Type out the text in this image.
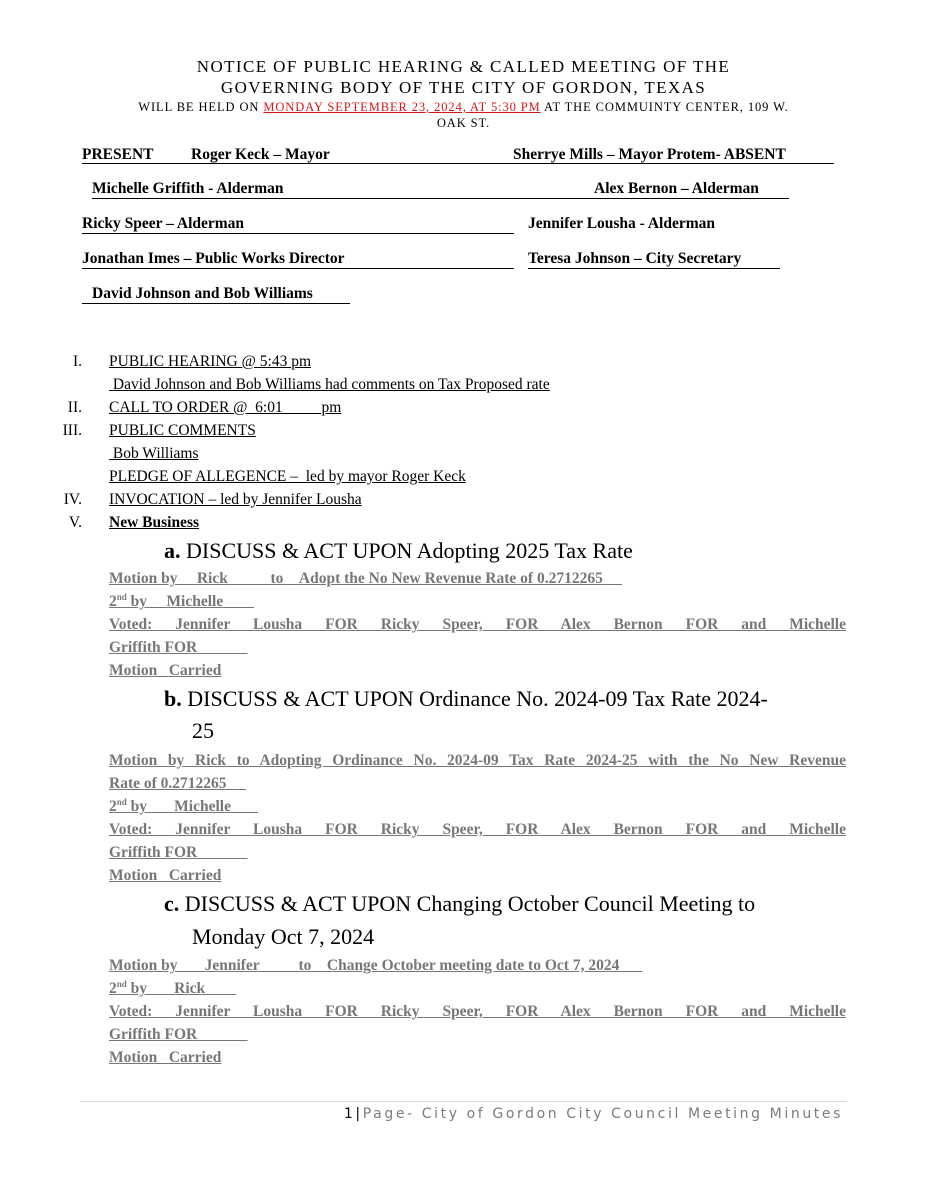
NOTICE OF PUBLIC HEARING & CALLED MEETING OF THE
GOVERNING BODY OF THE CITY OF GORDON, TEXAS
WILL BE HELD ON MONDAY SEPTEMBER 23, 2024, AT 5:30 PM AT THE COMMUINTY CENTER, 109 W.
OAK ST.
PRESENT Roger Keck – Mayor	Sherrye Mills – Mayor Protem- ABSENT
Michelle Griffith - Alderman	Alex Bernon – Alderman
Ricky Speer – Alderman	Jennifer Lousha - Alderman
Jonathan Imes – Public Works Director	Teresa Johnson – City Secretary
David Johnson and Bob Williams
I. PUBLIC HEARING @ 5:43 pm
David Johnson and Bob Williams had comments on Tax Proposed rate
II. CALL TO ORDER @  6:01          pm
III. PUBLIC COMMENTS
Bob Williams
PLEDGE OF ALLEGENCE –  led by mayor Roger Keck
IV. INVOCATION – led by Jennifer Lousha
V. New Business
a. DISCUSS & ACT UPON Adopting 2025 Tax Rate
Motion by Rick	to Adopt the No New Revenue Rate of 0.2712265
2nd by Michelle
Voted: Jennifer Lousha FOR Ricky Speer, FOR Alex Bernon FOR and Michelle
Griffith FOR
Motion   Carried
b. DISCUSS & ACT UPON Ordinance No. 2024-09 Tax Rate 2024-
25
Motion by Rick to Adopting Ordinance No. 2024-09 Tax Rate 2024-25 with the No New Revenue
Rate of 0.2712265
2nd by Michelle
Voted: Jennifer Lousha FOR Ricky Speer, FOR Alex Bernon FOR and Michelle
Griffith FOR
Motion   Carried
c. DISCUSS & ACT UPON Changing October Council Meeting to
Monday Oct 7, 2024
Motion by Jennifer	to Change October meeting date to Oct 7, 2024
2nd by Rick
Voted: Jennifer Lousha FOR Ricky Speer, FOR Alex Bernon FOR and Michelle
Griffith FOR
Motion   Carried
1|Page- City of Gordon City Council Meeting Minutes
